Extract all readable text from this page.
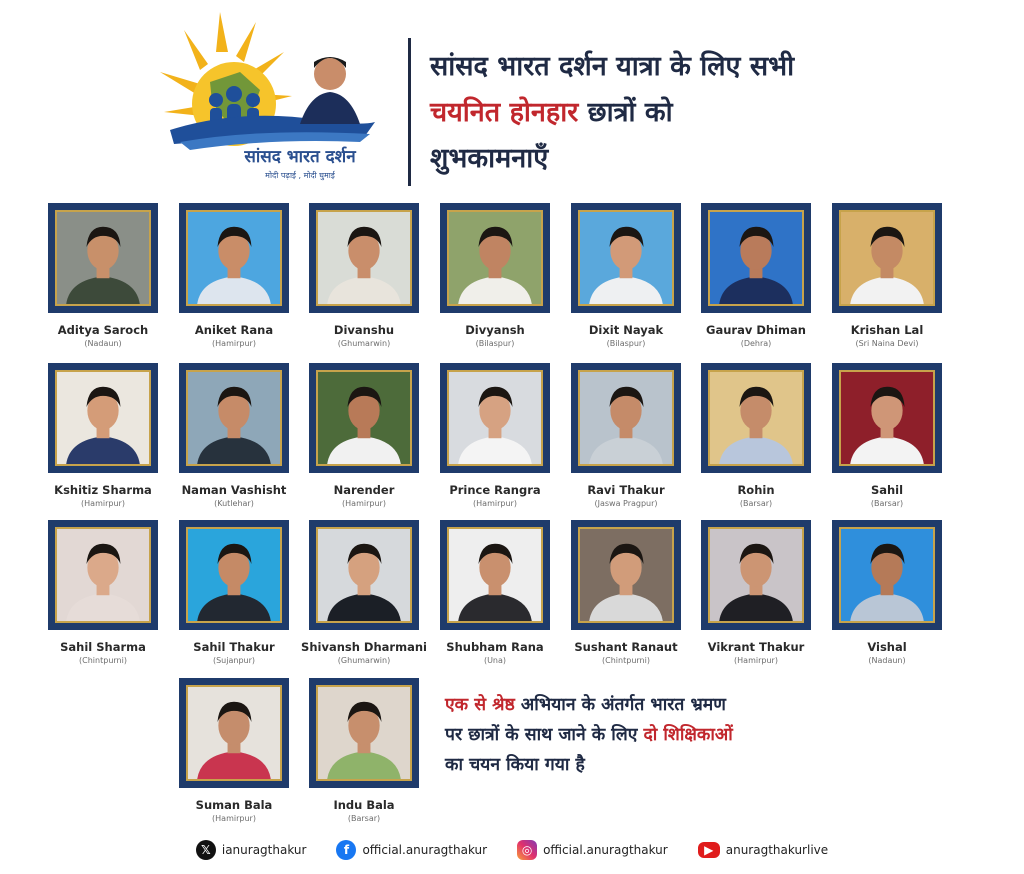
सांसद भारत दर्शन
मोदी पढ़ाई , मोदी घुमाई
सांसद भारत दर्शन यात्रा के लिए सभी
चयनित होनहार छात्रों को
शुभकामनाएँ
Aditya Saroch
(Nadaun)
Aniket Rana
(Hamirpur)
Divanshu
(Ghumarwin)
Divyansh
(Bilaspur)
Dixit Nayak
(Bilaspur)
Gaurav Dhiman
(Dehra)
Krishan Lal
(Sri Naina Devi)
Kshitiz Sharma
(Hamirpur)
Naman Vashisht
(Kutlehar)
Narender
(Hamirpur)
Prince Rangra
(Hamirpur)
Ravi Thakur
(Jaswa Pragpur)
Rohin
(Barsar)
Sahil
(Barsar)
Sahil Sharma
(Chintpurni)
Sahil Thakur
(Sujanpur)
Shivansh Dharmani
(Ghumarwin)
Shubham Rana
(Una)
Sushant Ranaut
(Chintpurni)
Vikrant Thakur
(Hamirpur)
Vishal
(Nadaun)
Suman Bala
(Hamirpur)
Indu Bala
(Barsar)
एक से श्रेष्ठ अभियान के अंतर्गत भारत भ्रमण
पर छात्रों के साथ जाने के लिए दो शिक्षिकाओं
का चयन किया गया है
𝕏 ianuragthakur	f	official.anuragthakur	◎ official.anuragthakur	▶	anuragthakurlive
